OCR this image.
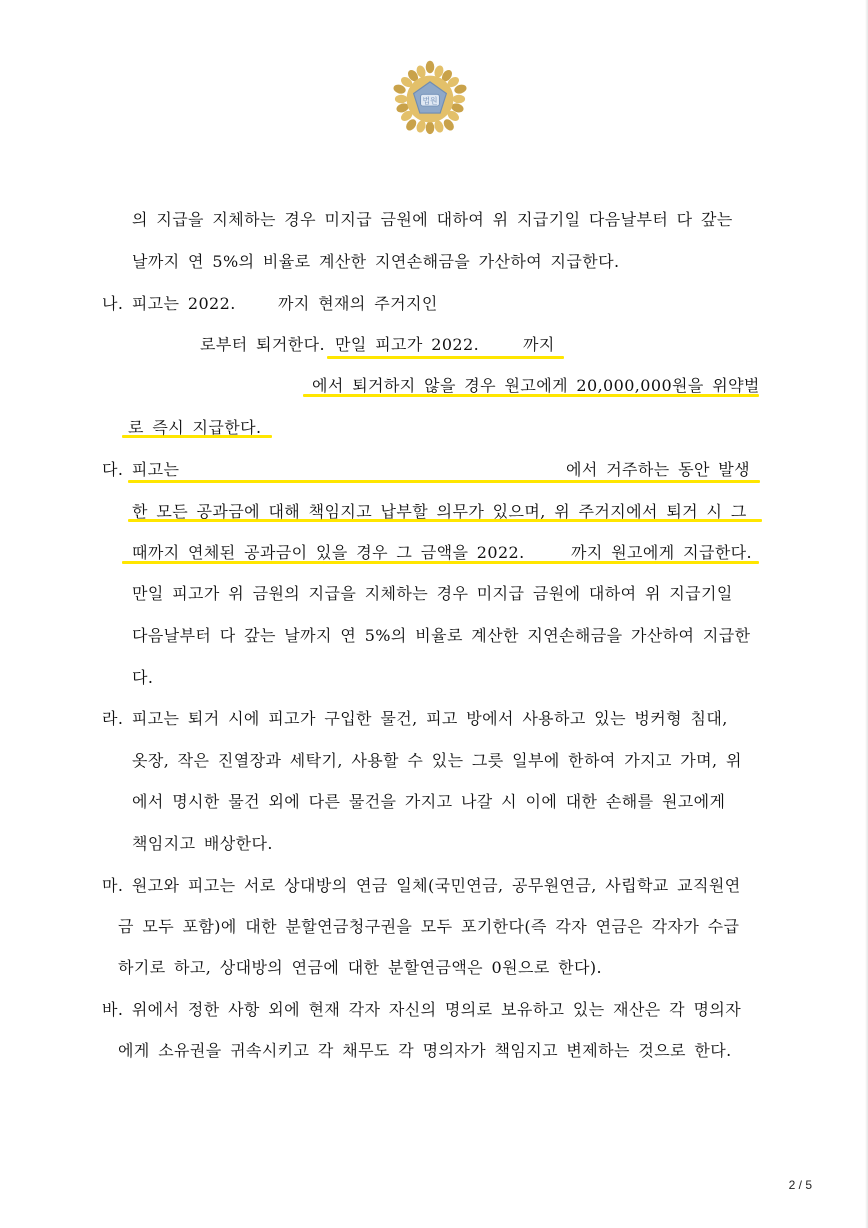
법원
의 지급을 지체하는 경우 미지급 금원에 대하여 위 지급기일 다음날부터 다 갚는
날까지 연 5%의 비율로 계산한 지연손해금을 가산하여 지급한다.
나. 피고는 2022.	까지 현재의 주거지인
로부터 퇴거한다. 만일 피고가 2022.	까지
에서 퇴거하지 않을 경우 원고에게 20,000,000원을 위약벌
로 즉시 지급한다.
다. 피고는	에서 거주하는 동안 발생
한 모든 공과금에 대해 책임지고 납부할 의무가 있으며, 위 주거지에서 퇴거 시 그
때까지 연체된 공과금이 있을 경우 그 금액을 2022.	까지 원고에게 지급한다.
만일 피고가 위 금원의 지급을 지체하는 경우 미지급 금원에 대하여 위 지급기일
다음날부터 다 갚는 날까지 연 5%의 비율로 계산한 지연손해금을 가산하여 지급한
다.
라. 피고는 퇴거 시에 피고가 구입한 물건, 피고 방에서 사용하고 있는 벙커형 침대,
옷장, 작은 진열장과 세탁기, 사용할 수 있는 그릇 일부에 한하여 가지고 가며, 위
에서 명시한 물건 외에 다른 물건을 가지고 나갈 시 이에 대한 손해를 원고에게
책임지고 배상한다.
마. 원고와 피고는 서로 상대방의 연금 일체(국민연금, 공무원연금, 사립학교 교직원연
금 모두 포함)에 대한 분할연금청구권을 모두 포기한다(즉 각자 연금은 각자가 수급
하기로 하고, 상대방의 연금에 대한 분할연금액은 0원으로 한다).
바. 위에서 정한 사항 외에 현재 각자 자신의 명의로 보유하고 있는 재산은 각 명의자
에게 소유권을 귀속시키고 각 채무도 각 명의자가 책임지고 변제하는 것으로 한다.
2 / 5
